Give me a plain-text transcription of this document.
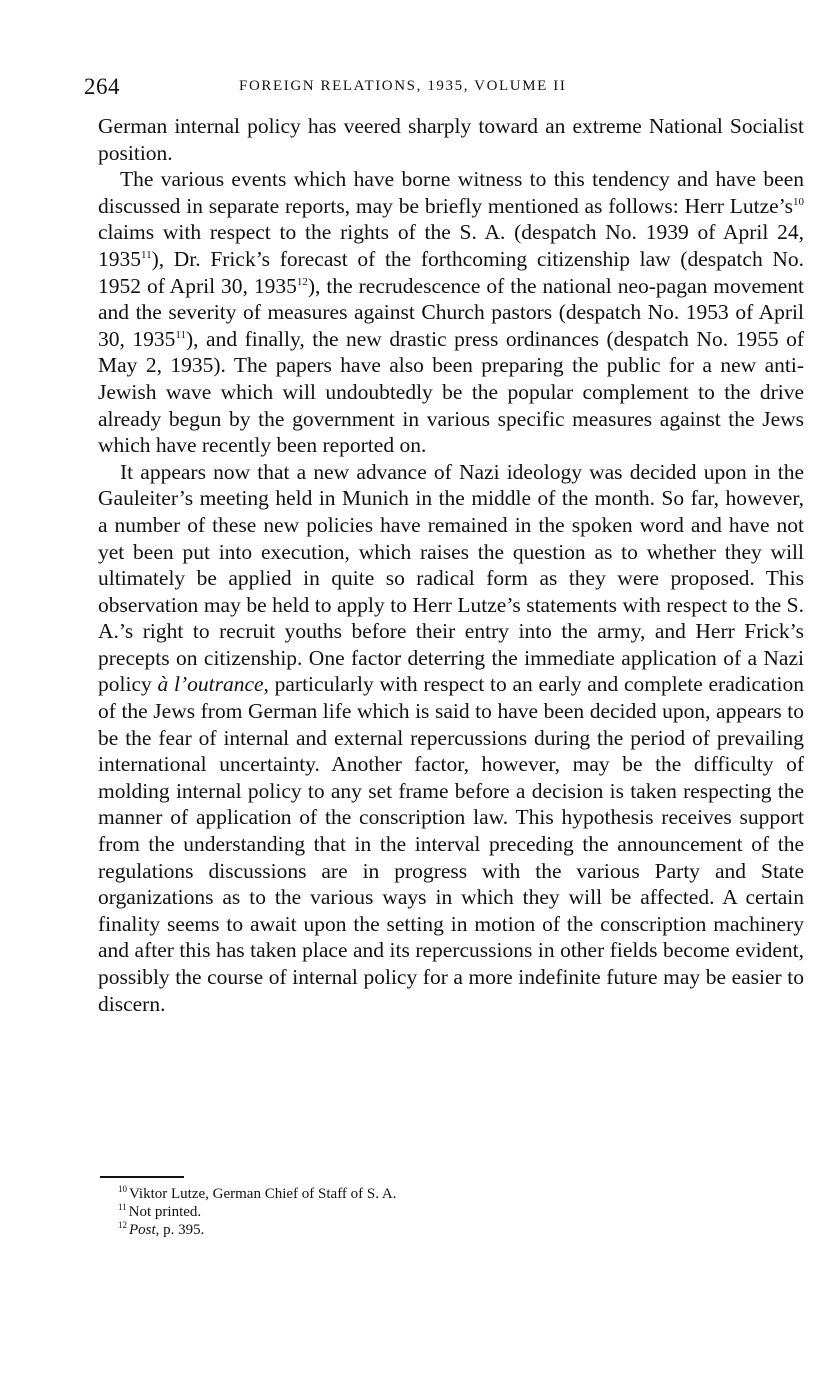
264	FOREIGN RELATIONS, 1935, VOLUME II

German internal policy has veered sharply toward an extreme National Socialist position.

The various events which have borne witness to this tendency and have been discussed in separate reports, may be briefly mentioned as follows: Herr $Lutze’s^{10}$ claims with respect to the rights of the S. A. (despatch No. 1939 of April 24, 1935$^{11}$), Dr. Frick’s forecast of the forthcoming citizenship law (despatch No. 1952 of April 30, 1935$^{12}$), the recrudescence of the national neo-pagan movement and the severity of measures against Church pastors (despatch No. 1953 of April 30, 1935$^{11}$), and finally, the new drastic press ordinances (despatch No. 1955 of May 2, 1935). The papers have also been preparing the public for a new anti-Jewish wave which will undoubtedly be the popular complement to the drive already begun by the government in various specific measures against the Jews which have recently been reported on.

It appears now that a new advance of Nazi ideology was decided upon in the Gauleiter’s meeting held in Munich in the middle of the month. So far, however, a number of these new policies have remained in the spoken word and have not yet been put into execution, which raises the question as to whether they will ultimately be applied in quite so radical form as they were proposed. This observation may be held to apply to Herr Lutze’s statements with respect to the S. A.’s right to recruit youths before their entry into the army, and Herr Frick’s precepts on citizenship. One factor deterring the immediate application of a Nazi policy à l’outrance, particularly with respect to an early and complete eradication of the Jews from German life which is said to have been decided upon, appears to be the fear of internal and external repercussions during the period of prevailing international uncertainty. Another factor, however, may be the difficulty of molding internal policy to any set frame before a decision is taken respecting the manner of application of the conscription law. This hypothesis receives support from the understanding that in the interval preceding the announcement of the regulations discussions are in progress with the various Party and State organizations as to the various ways in which they will be affected. A certain finality seems to await upon the setting in motion of the conscription machinery and after this has taken place and its repercussions in other fields become evident, possibly the course of internal policy for a more indefinite future may be easier to discern.

$^{10}$ Viktor Lutze, German Chief of Staff of S. A.

$^{11}$ Not printed.

$^{12}$ Post, p. 395.
